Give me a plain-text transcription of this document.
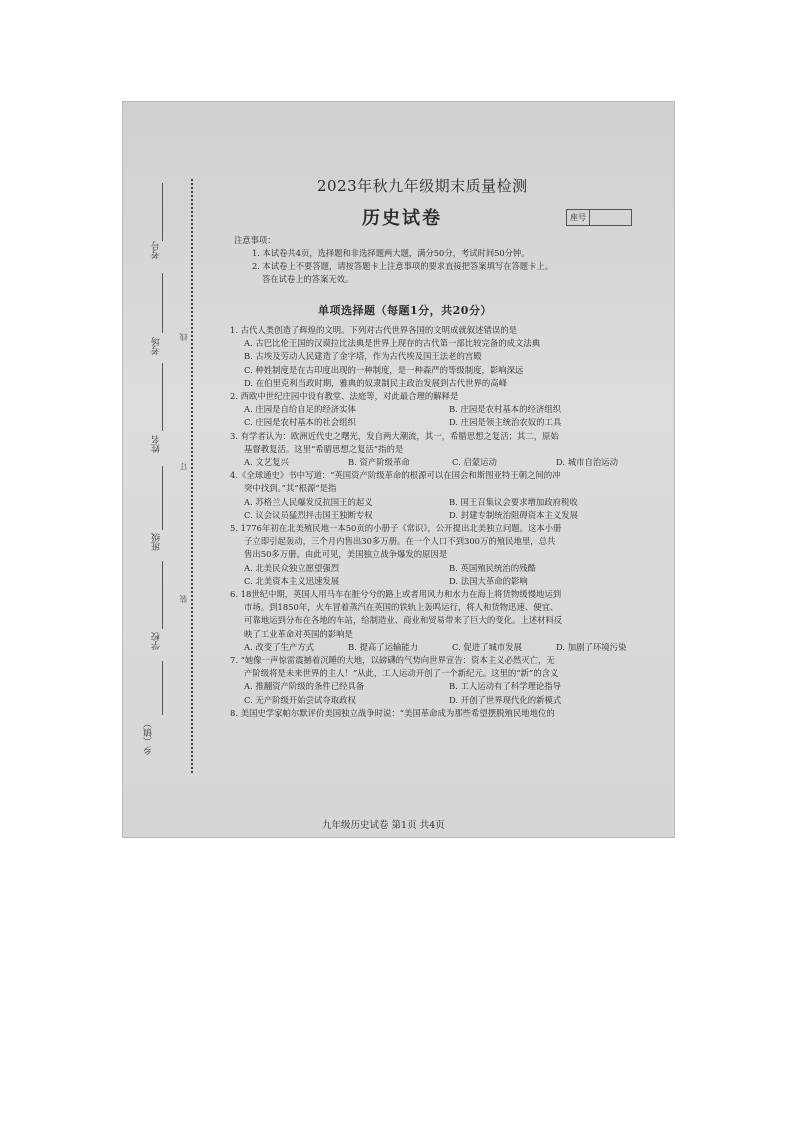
考号
考场
姓名
班级
学校
乡（镇）
线
订
装
2023年秋九年级期末质量检测
历史试卷	座号
注意事项：
1. 本试卷共4页，选择题和非选择题两大题，满分50分，考试时间50分钟。
2. 本试卷上不要答题，请按答题卡上注意事项的要求直接把答案填写在答题卡上。
答在试卷上的答案无效。
单项选择题（每题1分，共20分）
1. 古代人类创造了辉煌的文明。下列对古代世界各国的文明成就叙述错误的是
A. 古巴比伦王国的汉谟拉比法典是世界上现存的古代第一部比较完备的成文法典
B. 古埃及劳动人民建造了金字塔，作为古代埃及国王法老的宫殿
C. 种姓制度是在古印度出现的一种制度，是一种森严的等级制度，影响深远
D. 在伯里克利当政时期，雅典的奴隶制民主政治发展到古代世界的高峰
2. 西欧中世纪庄园中设有教堂、法庭等，对此最合理的解释是
A. 庄园是自给自足的经济实体	B. 庄园是农村基本的经济组织
C. 庄园是农村基本的社会组织	D. 庄园是领主统治农奴的工具
3. 有学者认为：欧洲近代史之曙光，发自两大潮流，其一，希腊思想之复活；其二，原始
基督教复活。这里“希腊思想之复活”指的是
A. 文艺复兴	B. 资产阶级革命	C. 启蒙运动	D. 城市自治运动
4.《全球通史》书中写道：“英国资产阶级革命的根源可以在国会和斯图亚特王朝之间的冲
突中找到。”其“根源”是指
A. 苏格兰人民爆发反抗国王的起义	B. 国王召集议会要求增加政府税收
C. 议会议员猛烈抨击国王独断专权	D. 封建专制统治阻碍资本主义发展
5. 1776年初在北美殖民地一本50页的小册子《常识》，公开提出北美独立问题。这本小册
子立即引起轰动，三个月内售出30多万册。在一个人口不到300万的殖民地里，总共
售出50多万册。由此可见，美国独立战争爆发的原因是
A. 北美民众独立愿望强烈	B. 英国殖民统治的残酷
C. 北美资本主义迅速发展	D. 法国大革命的影响
6. 18世纪中期，英国人用马车在脏兮兮的路上或者用风力和水力在海上将货物缓慢地运到
市场。到1850年，火车冒着蒸汽在英国的铁轨上轰鸣运行，将人和货物迅速、便宜、
可靠地运到分布在各地的车站，给制造业、商业和贸易带来了巨大的变化。上述材料反
映了工业革命对英国的影响是
A. 改变了生产方式	B. 提高了运输能力	C. 促进了城市发展	D. 加剧了环境污染
7. “她像一声惊雷震撼着沉睡的大地，以磅礴的气势向世界宣告：资本主义必然灭亡，无
产阶级将是未来世界的主人！”从此，工人运动开创了一个新纪元。这里的“新”的含义
A. 推翻资产阶级的条件已经具备	B. 工人运动有了科学理论指导
C. 无产阶级开始尝试夺取政权	D. 开创了世界现代化的新模式
8. 美国史学家帕尔默评价美国独立战争时说：“美国革命成为那些希望摆脱殖民地地位的
九年级历史试卷 第1页 共4页
